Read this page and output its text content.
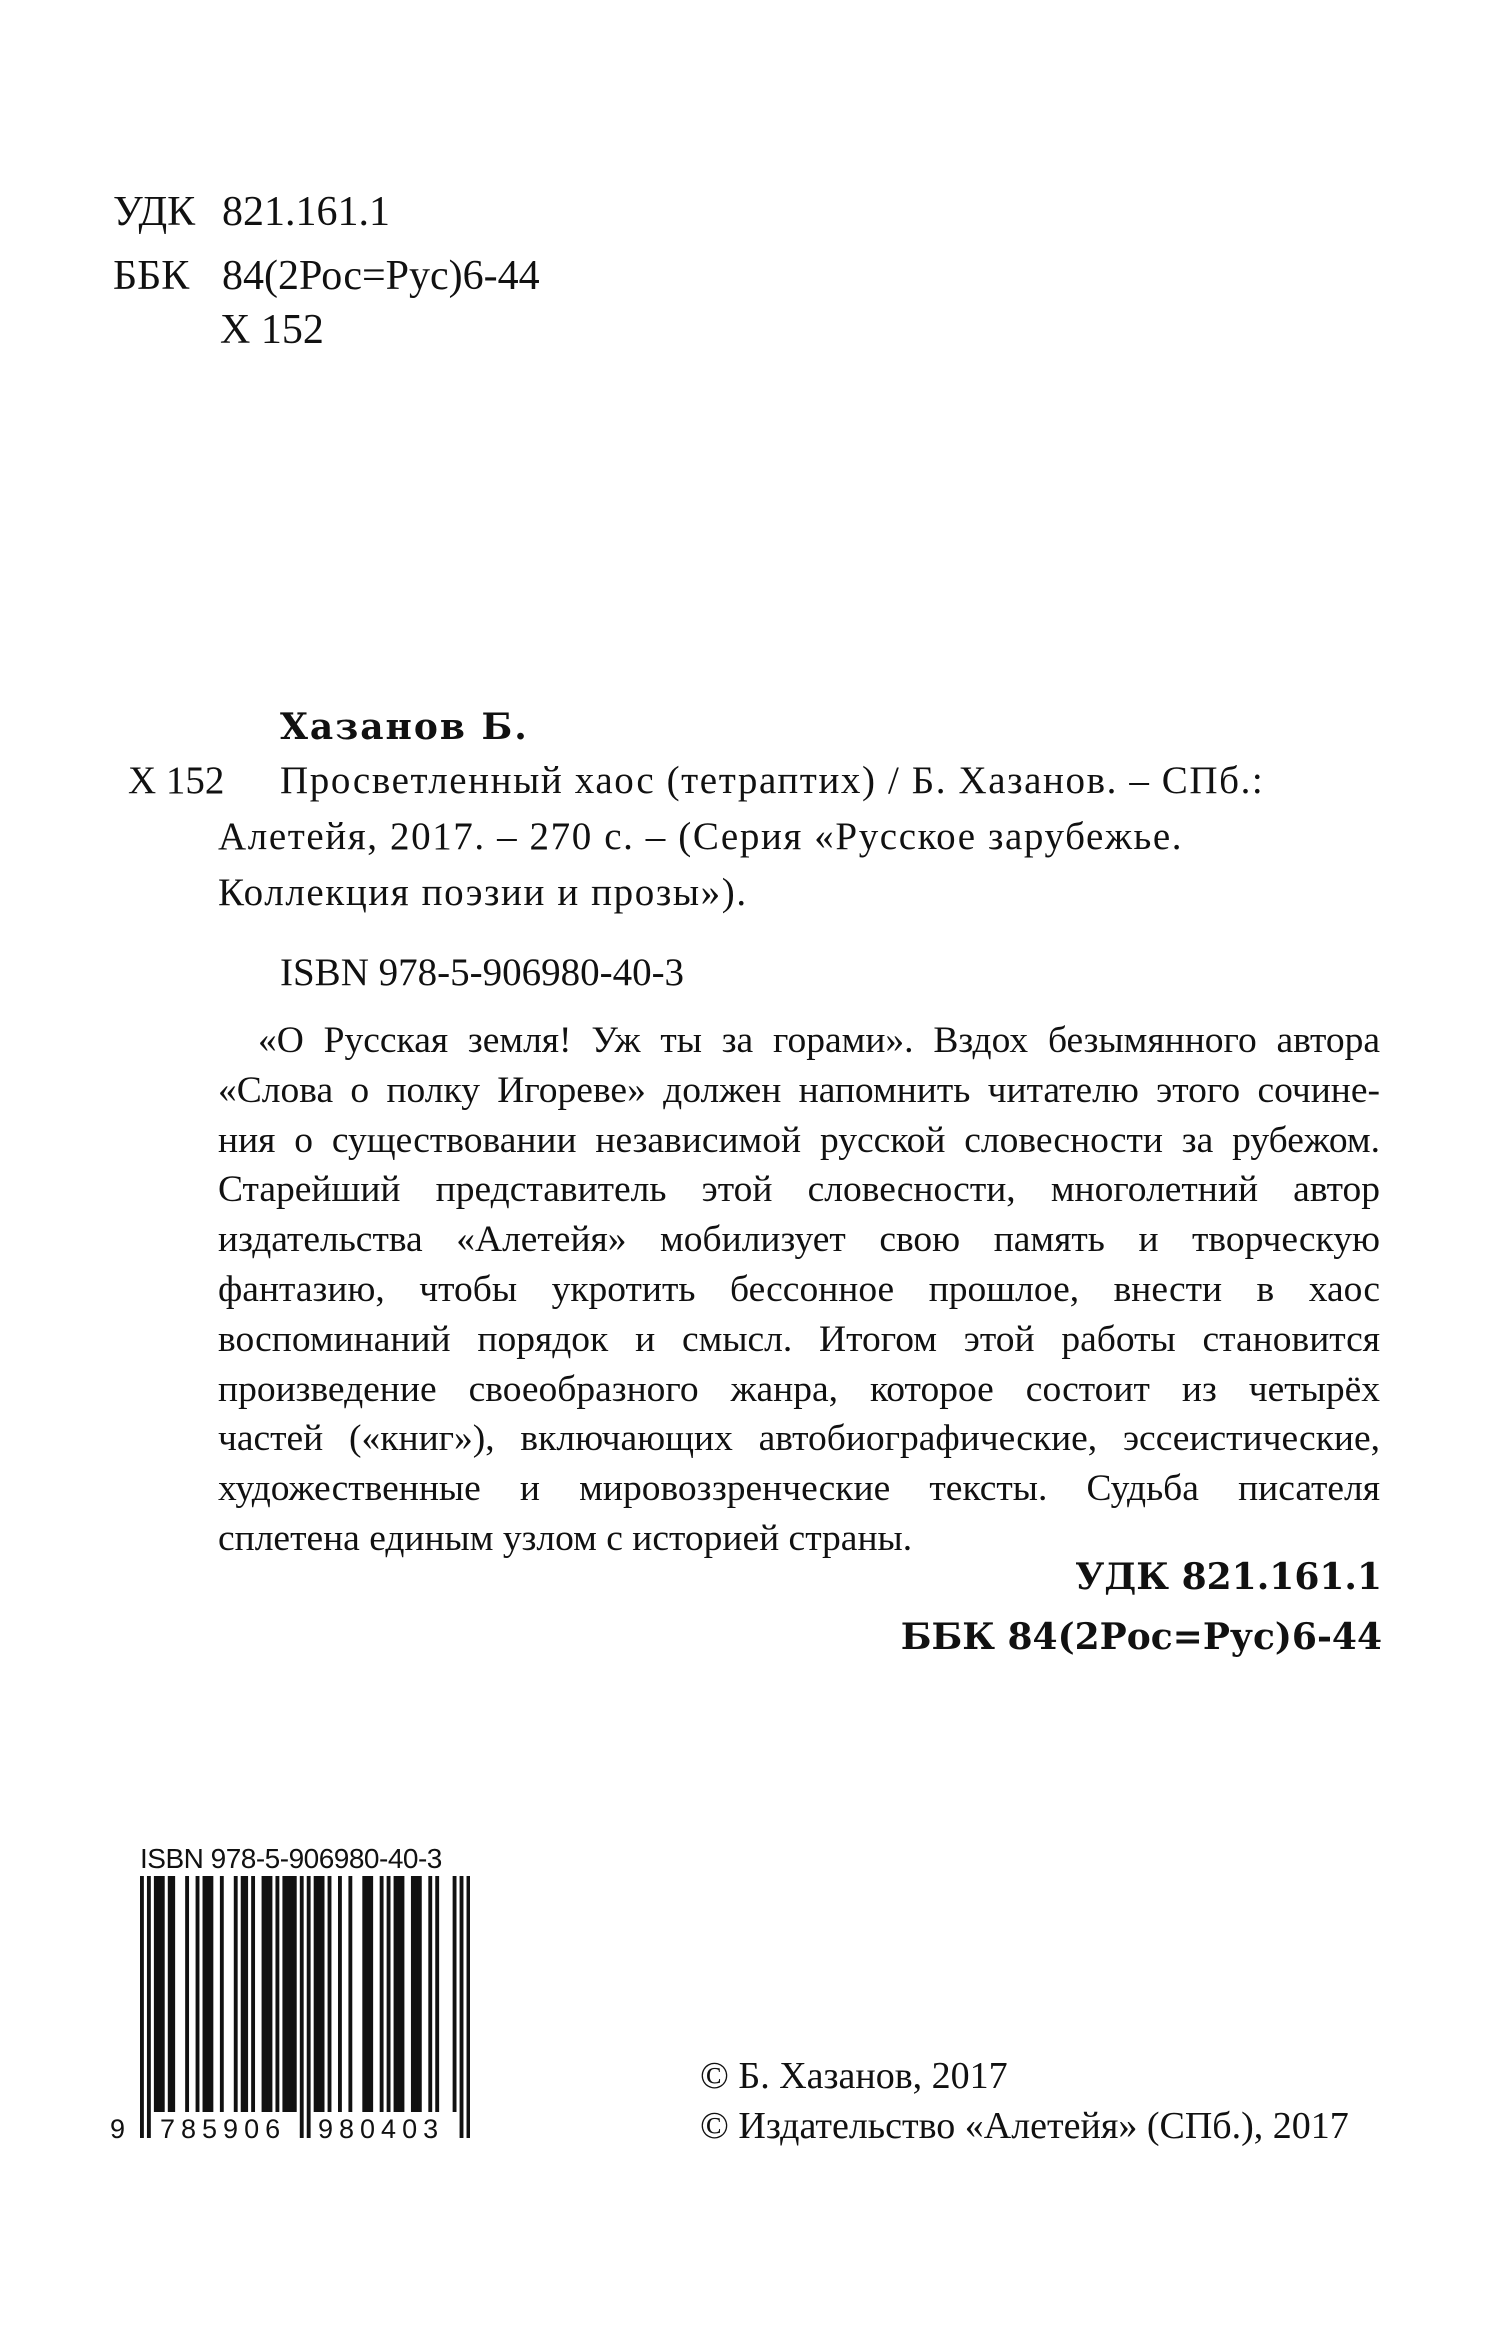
УДК 821.161.1
ББК 84(2Рос=Рус)6-44
Х 152
Хазанов Б.
Х 152 Просветленный хаос (тетраптих) / Б. Хазанов. – СПб.:
Алетейя, 2017. – 270 с. – (Серия «Русское зарубежье.
Коллекция поэзии и прозы»).
ISBN 978-5-906980-40-3
«О Русская земля! Уж ты за горами». Вздох безымянного автора
«Слова о полку Игореве» должен напомнить читателю этого сочине-
ния о существовании независимой русской словесности за рубежом.
Старейший представитель этой словесности, многолетний автор
издательства «Алетейя» мобилизует свою память и творческую
фантазию, чтобы укротить бессонное прошлое, внести в хаос
воспоминаний порядок и смысл. Итогом этой работы становится
произведение своеобразного жанра, которое состоит из четырёх
частей («книг»), включающих автобиографические, эссеистические,
художественные и мировоззренческие тексты. Судьба писателя
сплетена единым узлом с историей страны.
УДК 821.161.1
ББК 84(2Рос=Рус)6-44
ISBN 978-5-906980-40-3
9 785906 980403
© Б. Хазанов, 2017
© Издательство «Алетейя» (СПб.), 2017
